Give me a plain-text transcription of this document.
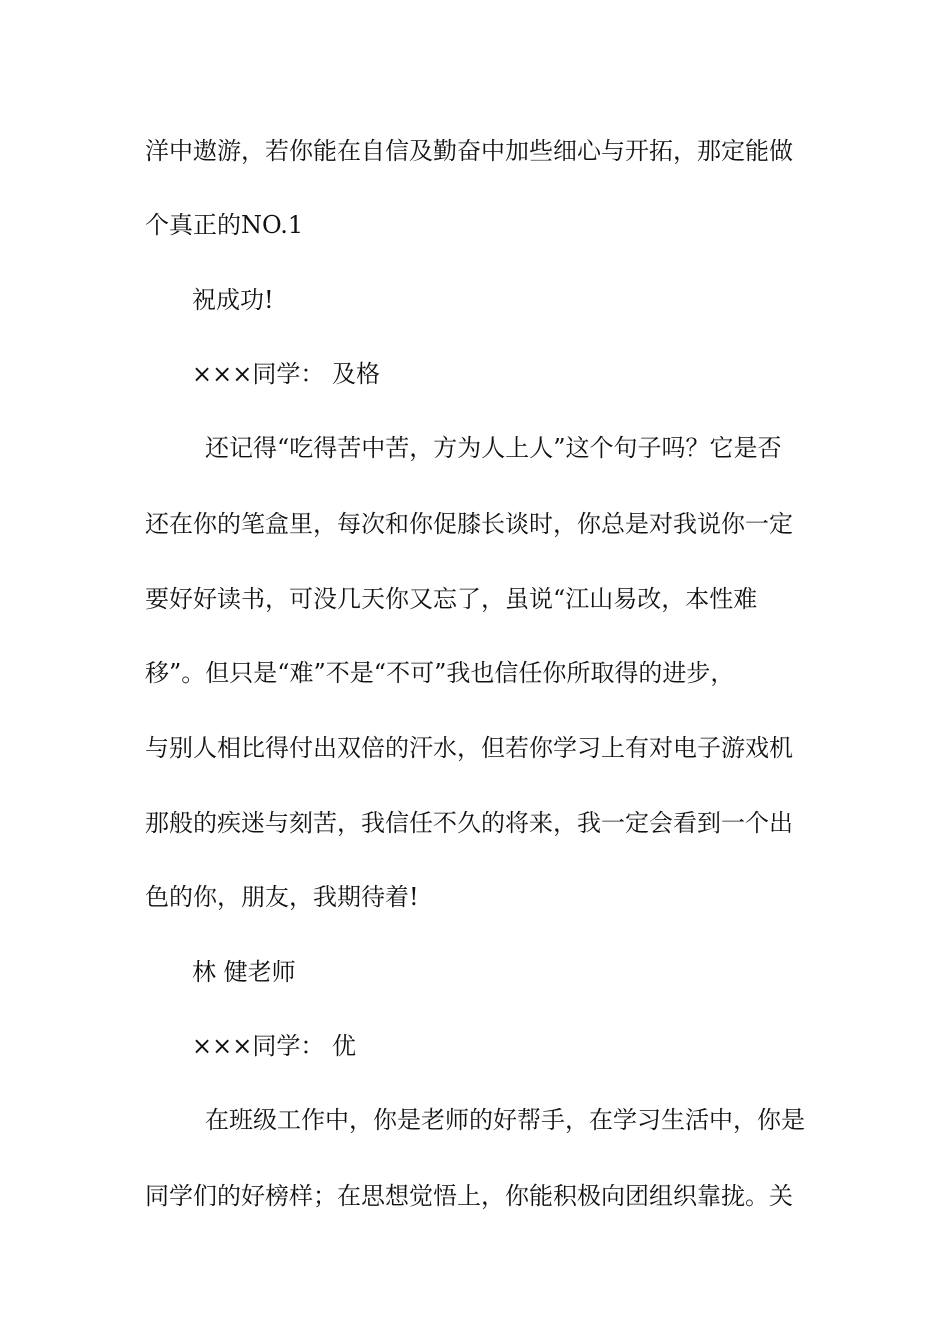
洋中遨游，若你能在自信及勤奋中加些细心与开拓，那定能做
个真正的NO.1
祝成功!
×××同学： 及格
还记得“吃得苦中苦，方为人上人”这个句子吗？它是否
还在你的笔盒里，每次和你促膝长谈时，你总是对我说你一定
要好好读书，可没几天你又忘了，虽说“江山易改，本性难
移”。但只是“难”不是“不可”我也信任你所取得的进步，
与别人相比得付出双倍的汗水，但若你学习上有对电子游戏机
那般的疾迷与刻苦，我信任不久的将来，我一定会看到一个出
色的你，朋友，我期待着!
林 健老师
×××同学： 优
在班级工作中，你是老师的好帮手，在学习生活中，你是
同学们的好榜样；在思想觉悟上，你能积极向团组织靠拢。关
